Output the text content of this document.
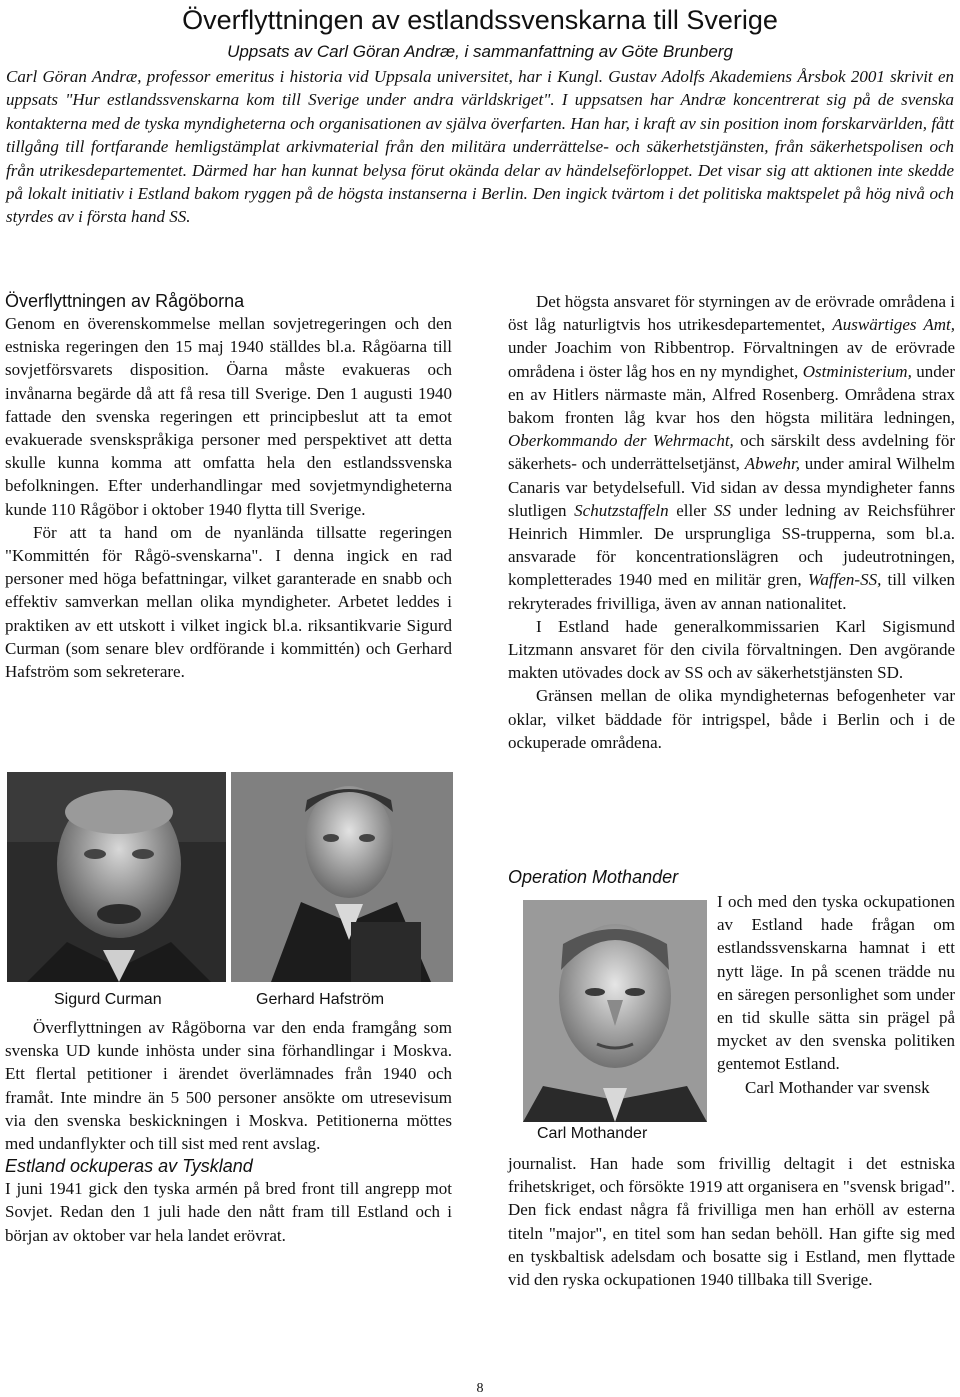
Överflyttningen av estlandssvenskarna till Sverige
Uppsats av Carl Göran Andræ, i sammanfattning av Göte Brunberg

Carl Göran Andræ, professor emeritus i historia vid Uppsala universitet, har i Kungl. Gustav Adolfs Akademiens Årsbok 2001 skrivit en uppsats "Hur estlandssvenskarna kom till Sverige under andra världskriget". I uppsatsen har Andræ koncentrerat sig på de svenska kontakterna med de tyska myndigheterna och organisationen av själva överfarten. Han har, i kraft av sin position inom forskarvärlden, fått tillgång till fortfarande hemligstämplat arkivmaterial från den militära underrättelse- och säkerhetstjänsten, från säkerhetspolisen och från utrikesdepartementet. Därmed har han kunnat belysa förut okända delar av händelseförloppet. Det visar sig att aktionen inte skedde på lokalt initiativ i Estland bakom ryggen på de högsta instanserna i Berlin. Den ingick tvärtom i det politiska maktspelet på hög nivå och styrdes av i första hand SS.

Överflyttningen av Rågöborna

Genom en överenskommelse mellan sovjetregeringen och den estniska regeringen den 15 maj 1940 ställdes bl.a. Rågöarna till sovjetförsvarets disposition. Öarna måste evakueras och invånarna begärde då att få resa till Sverige. Den 1 augusti 1940 fattade den svenska regeringen ett principbeslut att ta emot evakuerade svenskspråkiga personer med perspektivet att detta skulle kunna komma att omfatta hela den estlandssvenska befolkningen. Efter underhandlingar med sovjetmyndigheterna kunde 110 Rågöbor i oktober 1940 flytta till Sverige.

För att ta hand om de nyanlända tillsatte regeringen "Kommittén för Rågö-svenskarna". I denna ingick en rad personer med höga befattningar, vilket garanterade en snabb och effektiv samverkan mellan olika myndigheter. Arbetet leddes i praktiken av ett utskott i vilket ingick bl.a. riksantikvarie Sigurd Curman (som senare blev ordförande i kommittén) och Gerhard Hafström som sekreterare.

Sigurd Curman	Gerhard Hafström

Överflyttningen av Rågöborna var den enda framgång som svenska UD kunde inhösta under sina förhandlingar i Moskva. Ett flertal petitioner i ärendet överlämnades från 1940 och framåt. Inte mindre än 5 500 personer ansökte om utresevisum via den svenska beskickningen i Moskva. Petitionerna möttes med undanflykter och till sist med rent avslag.

Estland ockuperas av Tyskland

I juni 1941 gick den tyska armén på bred front till angrepp mot Sovjet. Redan den 1 juli hade den nått fram till Estland och i början av oktober var hela landet erövrat.

Det högsta ansvaret för styrningen av de erövrade områdena i öst låg naturligtvis hos utrikesdepartementet, Auswärtiges Amt, under Joachim von Ribbentrop. Förvaltningen av de erövrade områdena i öster låg hos en ny myndighet, Ostministerium, under en av Hitlers närmaste män, Alfred Rosenberg. Områdena strax bakom fronten låg kvar hos den högsta militära ledningen, Oberkommando der Wehrmacht, och särskilt dess avdelning för säkerhets- och underrättelsetjänst, Abwehr, under amiral Wilhelm Canaris var betydelsefull. Vid sidan av dessa myndigheter fanns slutligen Schutzstaffeln eller SS under ledning av Reichsführer Heinrich Himmler. De ursprungliga SS-trupperna, som bl.a. ansvarade för koncentrationslägren och judeutrotningen, kompletterades 1940 med en militär gren, Waffen-SS, till vilken rekryterades frivilliga, även av annan nationalitet.

I Estland hade generalkommissarien Karl Sigismund Litzmann ansvaret för den civila förvaltningen. Den avgörande makten utövades dock av SS och av säkerhetstjänsten SD.

Gränsen mellan de olika myndigheternas befogenheter var oklar, vilket bäddade för intrigspel, både i Berlin och i de ockuperade områdena.

Operation Mothander

I och med den tyska ockupationen av Estland hade frågan om estlandssvenskarna hamnat i ett nytt läge. In på scenen trädde nu en säregen personlighet som under en tid skulle sätta sin prägel på mycket av den svenska politiken gentemot Estland.

Carl Mothander var svensk

Carl Mothander

journalist. Han hade som frivillig deltagit i det estniska frihetskriget, och försökte 1919 att organisera en "svensk brigad". Den fick endast några få frivilliga men han erhöll av esterna titeln "major", en titel som han sedan behöll. Han gifte sig med en tyskbaltisk adelsdam och bosatte sig i Estland, men flyttade vid den ryska ockupationen 1940 tillbaka till Sverige.

8
